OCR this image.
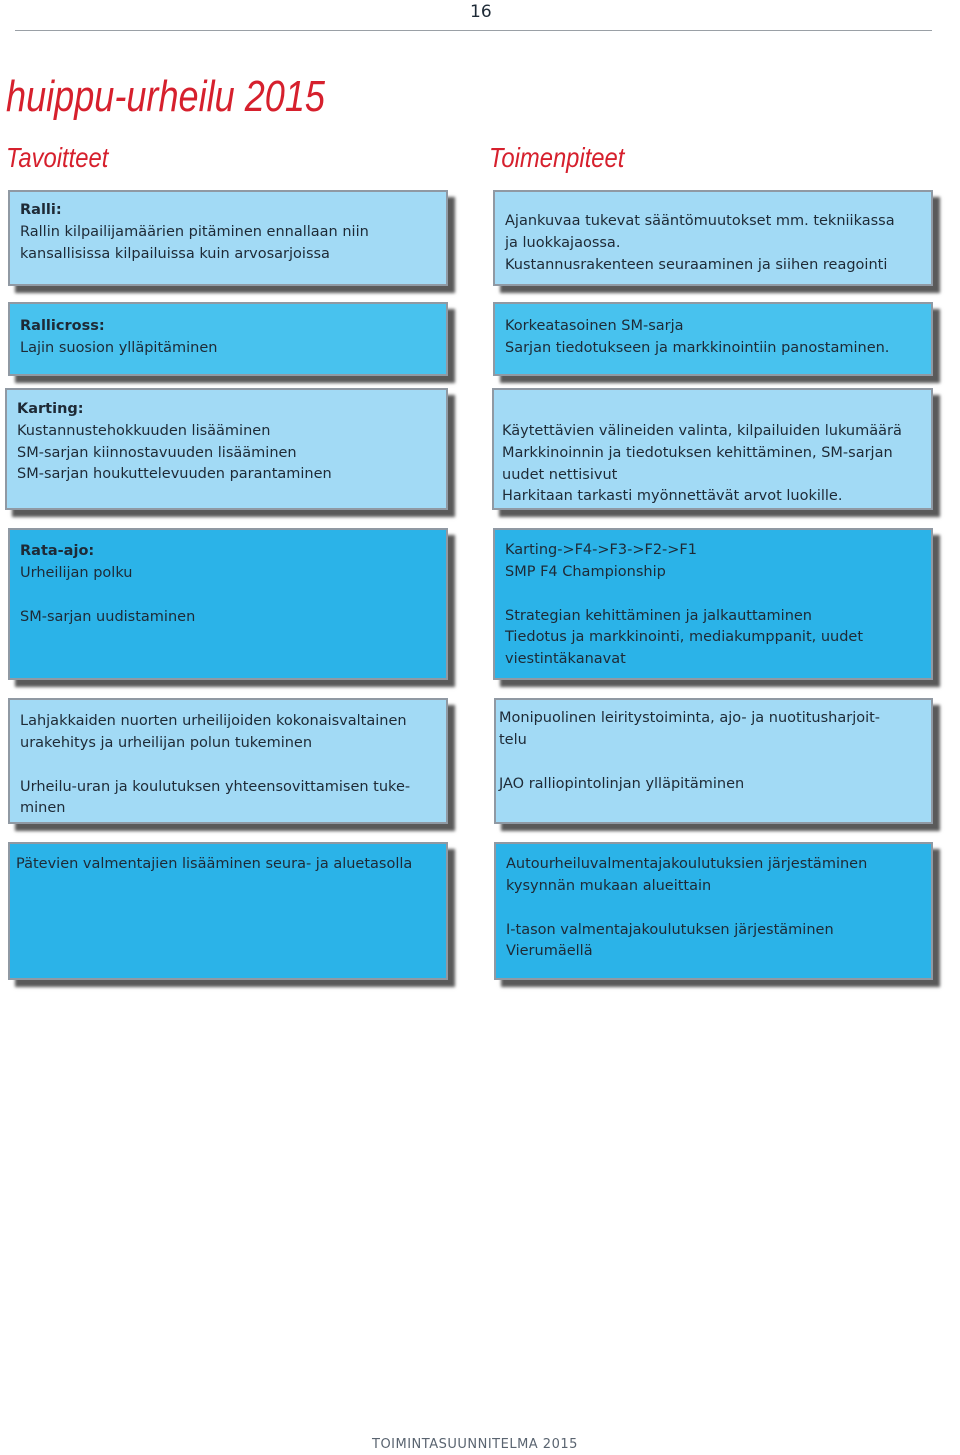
16
huippu-urheilu 2015
Tavoitteet	Toimenpiteet

Ralli:

Rallin kilpailijamäärien pitäminen ennallaan niin

kansallisissa kilpailuissa kuin arvosarjoissa

Ajankuvaa tukevat sääntömuutokset mm. tekniikassa

ja luokkajaossa.

Kustannusrakenteen seuraaminen ja siihen reagointi

Rallicross:

Lajin suosion ylläpitäminen

Korkeatasoinen SM-sarja

Sarjan tiedotukseen ja markkinointiin panostaminen.

Karting:

Kustannustehokkuuden lisääminen

SM-sarjan kiinnostavuuden lisääminen

SM-sarjan houkuttelevuuden parantaminen

Käytettävien välineiden valinta, kilpailuiden lukumäärä

Markkinoinnin ja tiedotuksen kehittäminen, SM-sarjan

uudet nettisivut

Harkitaan tarkasti myönnettävät arvot luokille.

Rata-ajo:

Urheilijan polku

SM-sarjan uudistaminen

Karting->F4->F3->F2->F1

SMP F4 Championship

Strategian kehittäminen ja jalkauttaminen

Tiedotus ja markkinointi, mediakumppanit, uudet

viestintäkanavat

Lahjakkaiden nuorten urheilijoiden kokonaisvaltainen

urakehitys ja urheilijan polun tukeminen

Urheilu-uran ja koulutuksen yhteensovittamisen tuke-

minen

Monipuolinen leiritystoiminta, ajo- ja nuotitusharjoit-

telu

JAO ralliopintolinjan ylläpitäminen

Pätevien valmentajien lisääminen seura- ja aluetasolla	Autourheiluvalmentajakoulutuksien järjestäminen

kysynnän mukaan alueittain

I-tason valmentajakoulutuksen järjestäminen

Vierumäellä

TOIMINTASUUNNITELMA 2015
